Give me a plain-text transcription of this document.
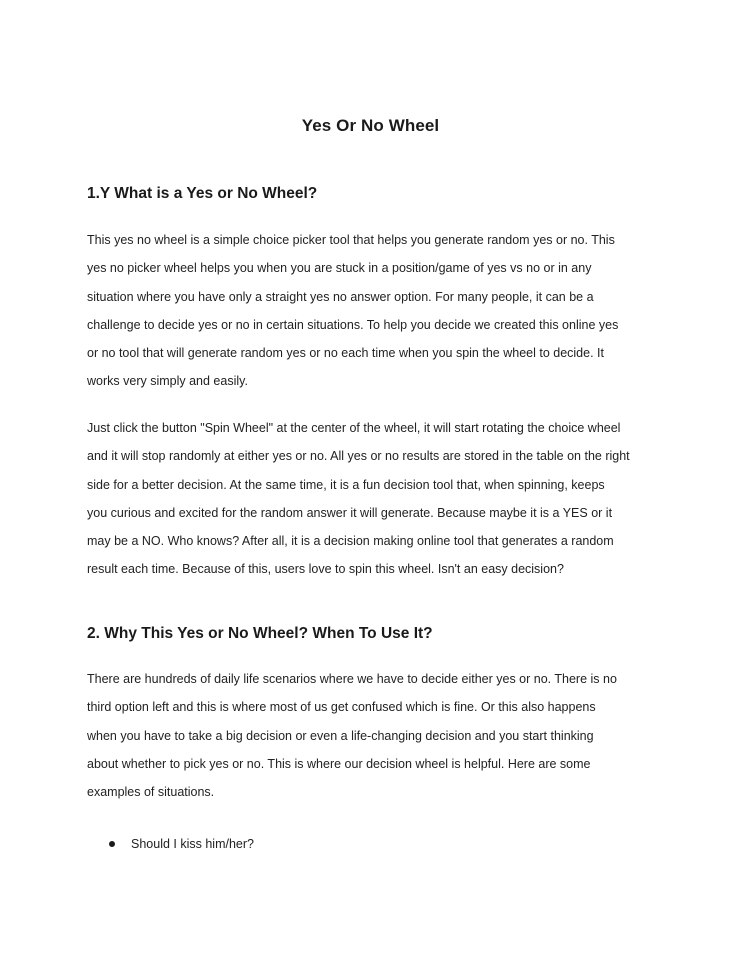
Yes Or No Wheel
1.Y What is a Yes or No Wheel?

This yes no wheel is a simple choice picker tool that helps you generate random yes or no. This
yes no picker wheel helps you when you are stuck in a position/game of yes vs no or in any
situation where you have only a straight yes no answer option. For many people, it can be a
challenge to decide yes or no in certain situations. To help you decide we created this online yes
or no tool that will generate random yes or no each time when you spin the wheel to decide. It
works very simply and easily.

Just click the button "Spin Wheel" at the center of the wheel, it will start rotating the choice wheel
and it will stop randomly at either yes or no. All yes or no results are stored in the table on the right
side for a better decision. At the same time, it is a fun decision tool that, when spinning, keeps
you curious and excited for the random answer it will generate. Because maybe it is a YES or it
may be a NO. Who knows? After all, it is a decision making online tool that generates a random
result each time. Because of this, users love to spin this wheel. Isn't an easy decision?

2. Why This Yes or No Wheel? When To Use It?

There are hundreds of daily life scenarios where we have to decide either yes or no. There is no
third option left and this is where most of us get confused which is fine. Or this also happens
when you have to take a big decision or even a life-changing decision and you start thinking
about whether to pick yes or no. This is where our decision wheel is helpful. Here are some
examples of situations.

Should I kiss him/her?
